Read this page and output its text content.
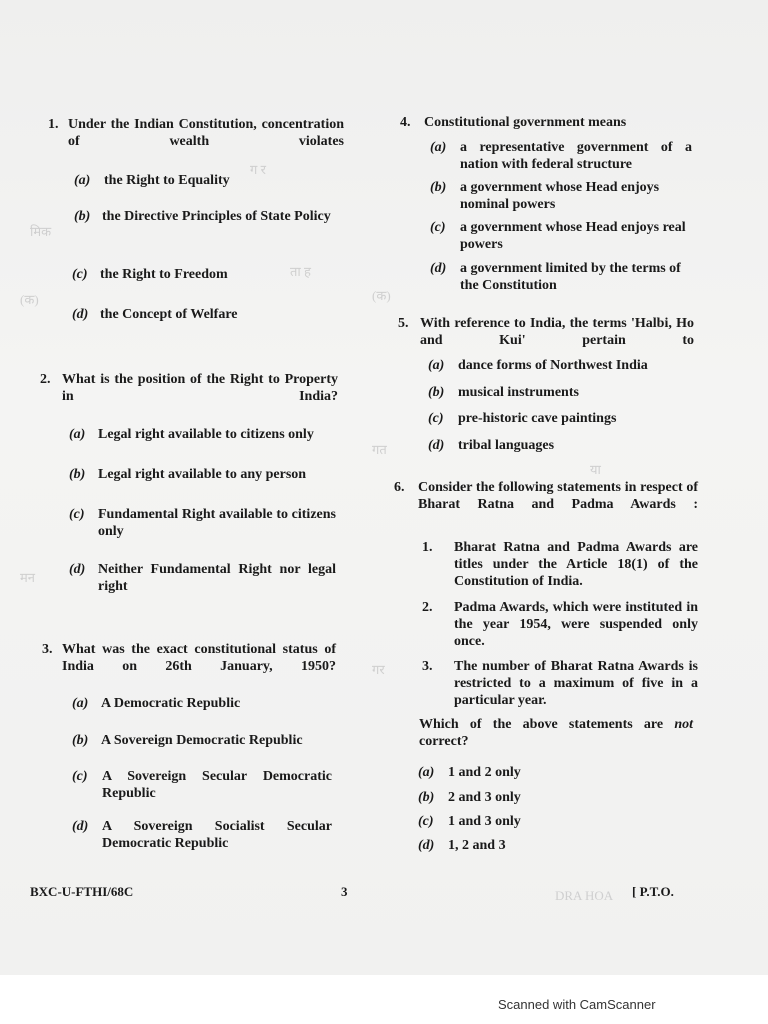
ग र
मिक
ता ह
(क)	(क)
गत
या
मन
गर
DRA HOA
1. Under the Indian Constitution, concentration of wealth violates
(a) the Right to Equality
(b) the Directive Principles of State Policy
(c) the Right to Freedom
(d) the Concept of Welfare
2. What is the position of the Right to Property in India?
(a) Legal right available to citizens only
(b) Legal right available to any person
(c) Fundamental Right available to citizens only
(d) Neither Fundamental Right nor legal right
3. What was the exact constitutional status of India on 26th January, 1950?
(a) A Democratic Republic
(b) A Sovereign Democratic Republic
(c) A Sovereign Secular Democratic Republic
(d) A Sovereign Socialist Secular Democratic Republic
4. Constitutional government means
(a) a representative government of a nation with federal structure
(b) a government whose Head enjoys nominal powers
(c) a government whose Head enjoys real powers
(d) a government limited by the terms of the Constitution
5. With reference to India, the terms 'Halbi, Ho and Kui' pertain to
(a) dance forms of Northwest India
(b) musical instruments
(c) pre-historic cave paintings
(d) tribal languages
6. Consider the following statements in respect of Bharat Ratna and Padma Awards :
1. Bharat Ratna and Padma Awards are titles under the Article 18(1) of the Constitution of India.
2. Padma Awards, which were instituted in the year 1954, were suspended only once.
3. The number of Bharat Ratna Awards is restricted to a maximum of five in a particular year.
Which of the above statements are not correct?
(a) 1 and 2 only
(b) 2 and 3 only
(c) 1 and 3 only
(d) 1, 2 and 3
BXC-U-FTHI/68C	3	[ P.T.O.
Scanned with CamScanner
